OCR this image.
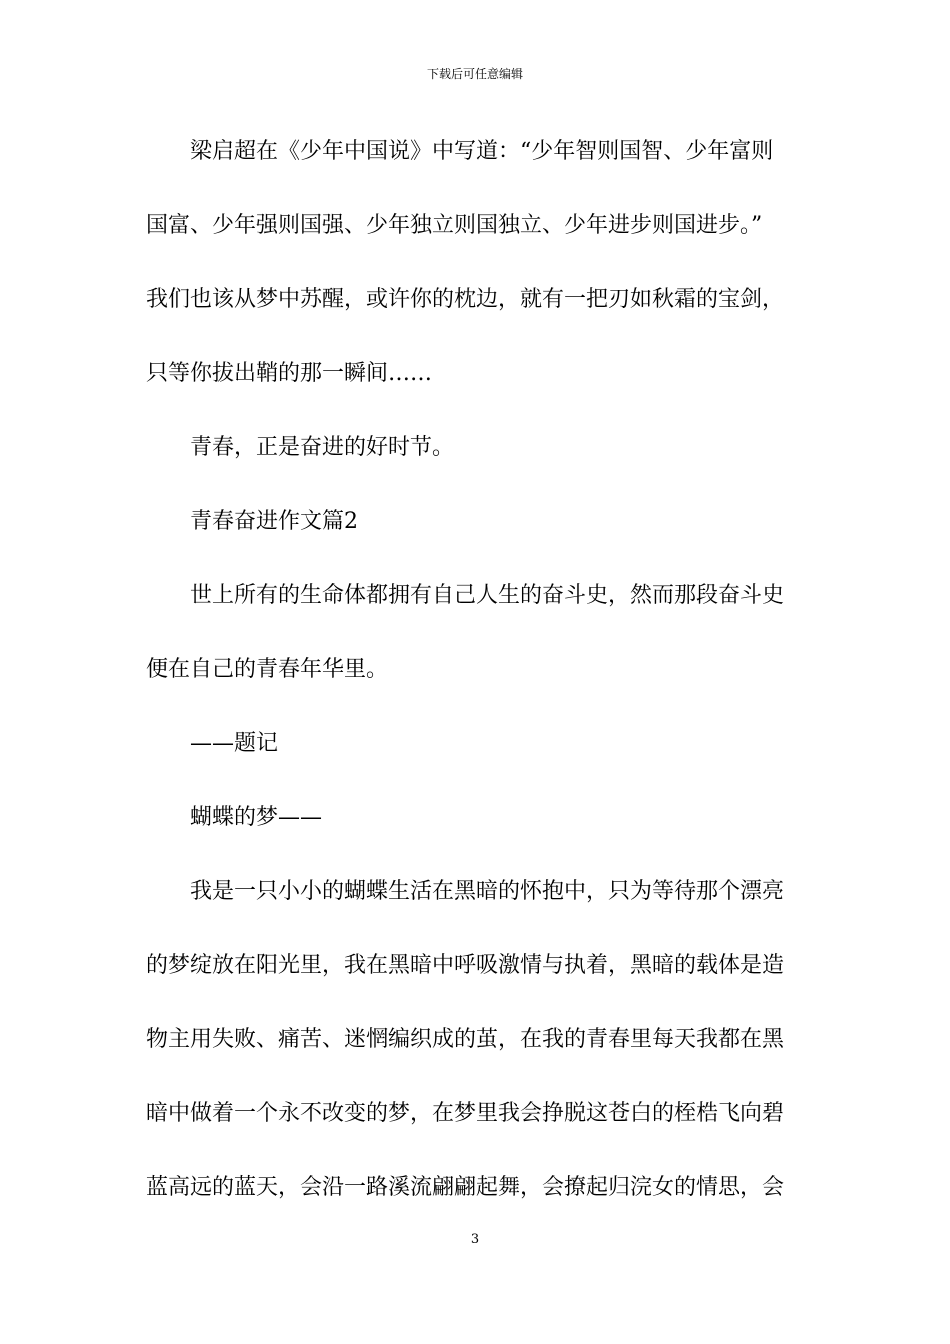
下载后可任意编辑
梁启超在《少年中国说》中写道：“少年智则国智、少年富则
国富、少年强则国强、少年独立则国独立、少年进步则国进步。”
我们也该从梦中苏醒，或许你的枕边，就有一把刃如秋霜的宝剑，
只等你拔出鞘的那一瞬间……
青春，正是奋进的好时节。
青春奋进作文篇2
世上所有的生命体都拥有自己人生的奋斗史，然而那段奋斗史
便在自己的青春年华里。
——题记
蝴蝶的梦——
我是一只小小的蝴蝶生活在黑暗的怀抱中，只为等待那个漂亮
的梦绽放在阳光里，我在黑暗中呼吸激情与执着，黑暗的载体是造
物主用失败、痛苦、迷惘编织成的茧，在我的青春里每天我都在黑
暗中做着一个永不改变的梦，在梦里我会挣脱这苍白的桎梏飞向碧
蓝高远的蓝天，会沿一路溪流翩翩起舞，会撩起归浣女的情思，会
3
